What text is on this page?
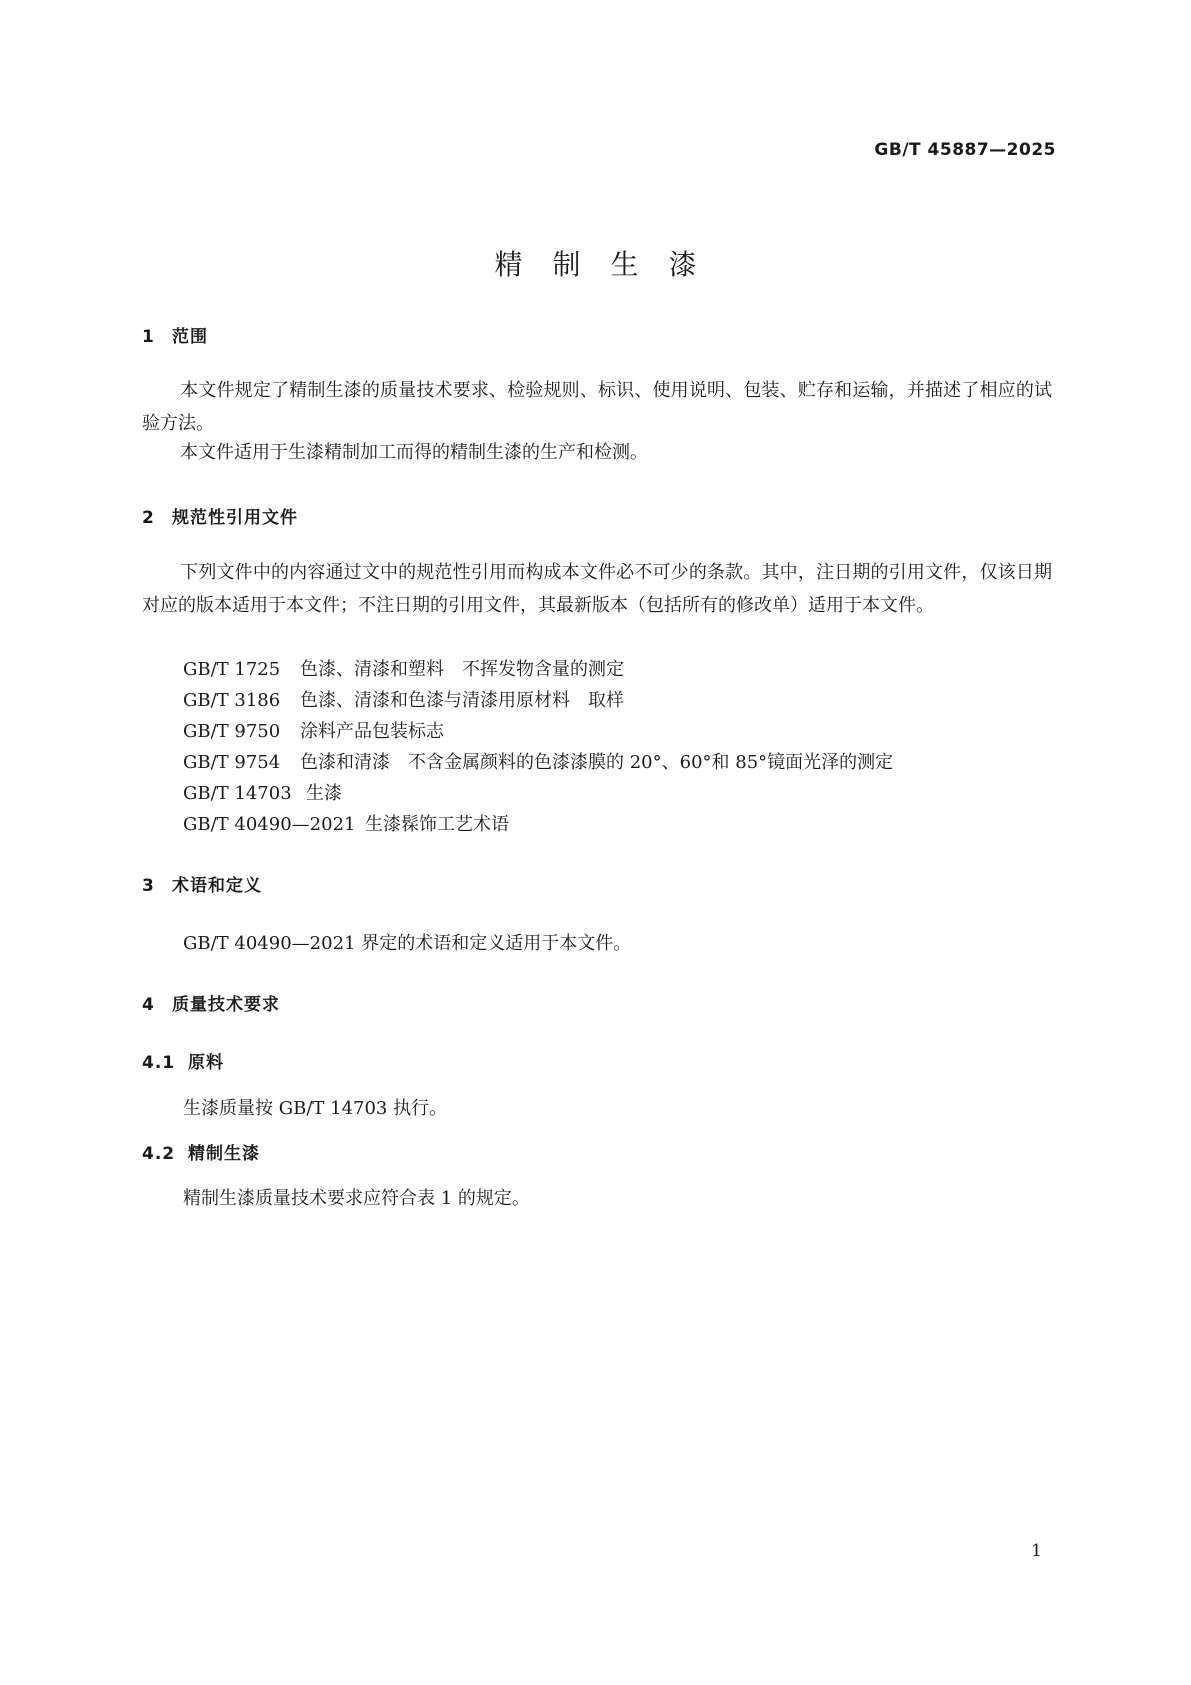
GB/T 45887—2025
精制生漆
1 范围
本文件规定了精制生漆的质量技术要求、检验规则、标识、使用说明、包装、贮存和运输，并描述了相应的试验方法。
本文件适用于生漆精制加工而得的精制生漆的生产和检测。
2 规范性引用文件
下列文件中的内容通过文中的规范性引用而构成本文件必不可少的条款。其中，注日期的引用文件，仅该日期对应的版本适用于本文件；不注日期的引用文件，其最新版本（包括所有的修改单）适用于本文件。
GB/T 1725 色漆、清漆和塑料　不挥发物含量的测定
GB/T 3186 色漆、清漆和色漆与清漆用原材料　取样
GB/T 9750 涂料产品包装标志
GB/T 9754 色漆和清漆　不含金属颜料的色漆漆膜的 20°、60°和 85°镜面光泽的测定
GB/T 14703 生漆
GB/T 40490—2021 生漆髹饰工艺术语
3 术语和定义
GB/T 40490—2021 界定的术语和定义适用于本文件。
4 质量技术要求
4.1 原料
生漆质量按 GB/T 14703 执行。
4.2 精制生漆
精制生漆质量技术要求应符合表 1 的规定。
1
